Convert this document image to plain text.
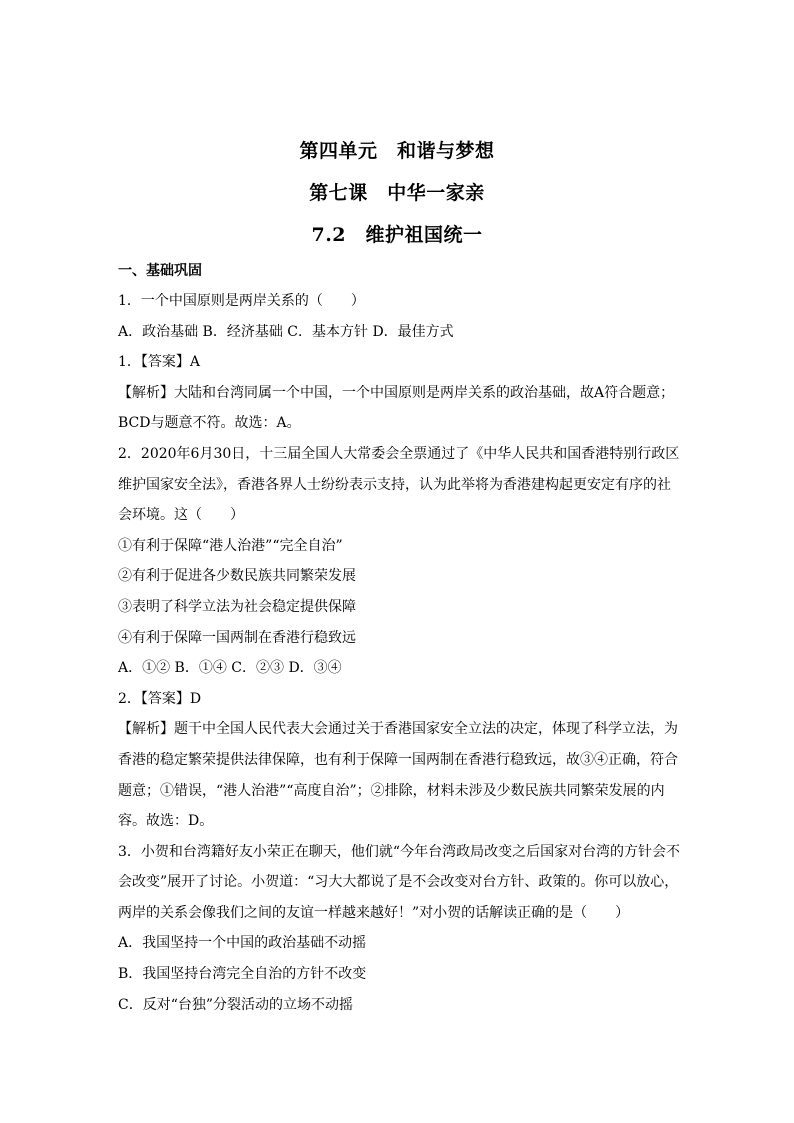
第四单元　和谐与梦想
第七课　中华一家亲
7.2　维护祖国统一
一、基础巩固

1．一个中国原则是两岸关系的（　　）

A．政治基础 B．经济基础 C．基本方针 D．最佳方式

1．【答案】A

【解析】大陆和台湾同属一个中国，一个中国原则是两岸关系的政治基础，故A符合题意；BCD与题意不符。故选：A。

2．2020年6月30日，十三届全国人大常委会全票通过了《中华人民共和国香港特别行政区维护国家安全法》，香港各界人士纷纷表示支持，认为此举将为香港建构起更安定有序的社会环境。这（　　）

①有利于保障“港人治港”“完全自治”

②有利于促进各少数民族共同繁荣发展

③表明了科学立法为社会稳定提供保障

④有利于保障一国两制在香港行稳致远

A．①② B．①④ C．②③ D．③④

2．【答案】D

【解析】题干中全国人民代表大会通过关于香港国家安全立法的决定，体现了科学立法，为香港的稳定繁荣提供法律保障，也有利于保障一国两制在香港行稳致远，故③④正确，符合题意；①错误，“港人治港”“高度自治”；②排除，材料未涉及少数民族共同繁荣发展的内容。故选：D。

3．小贺和台湾籍好友小荣正在聊天，他们就“今年台湾政局改变之后国家对台湾的方针会不会改变”展开了讨论。小贺道：“习大大都说了是不会改变对台方针、政策的。你可以放心，两岸的关系会像我们之间的友谊一样越来越好！”对小贺的话解读正确的是（　　）

A．我国坚持一个中国的政治基础不动摇

B．我国坚持台湾完全自治的方针不改变

C．反对“台独”分裂活动的立场不动摇
